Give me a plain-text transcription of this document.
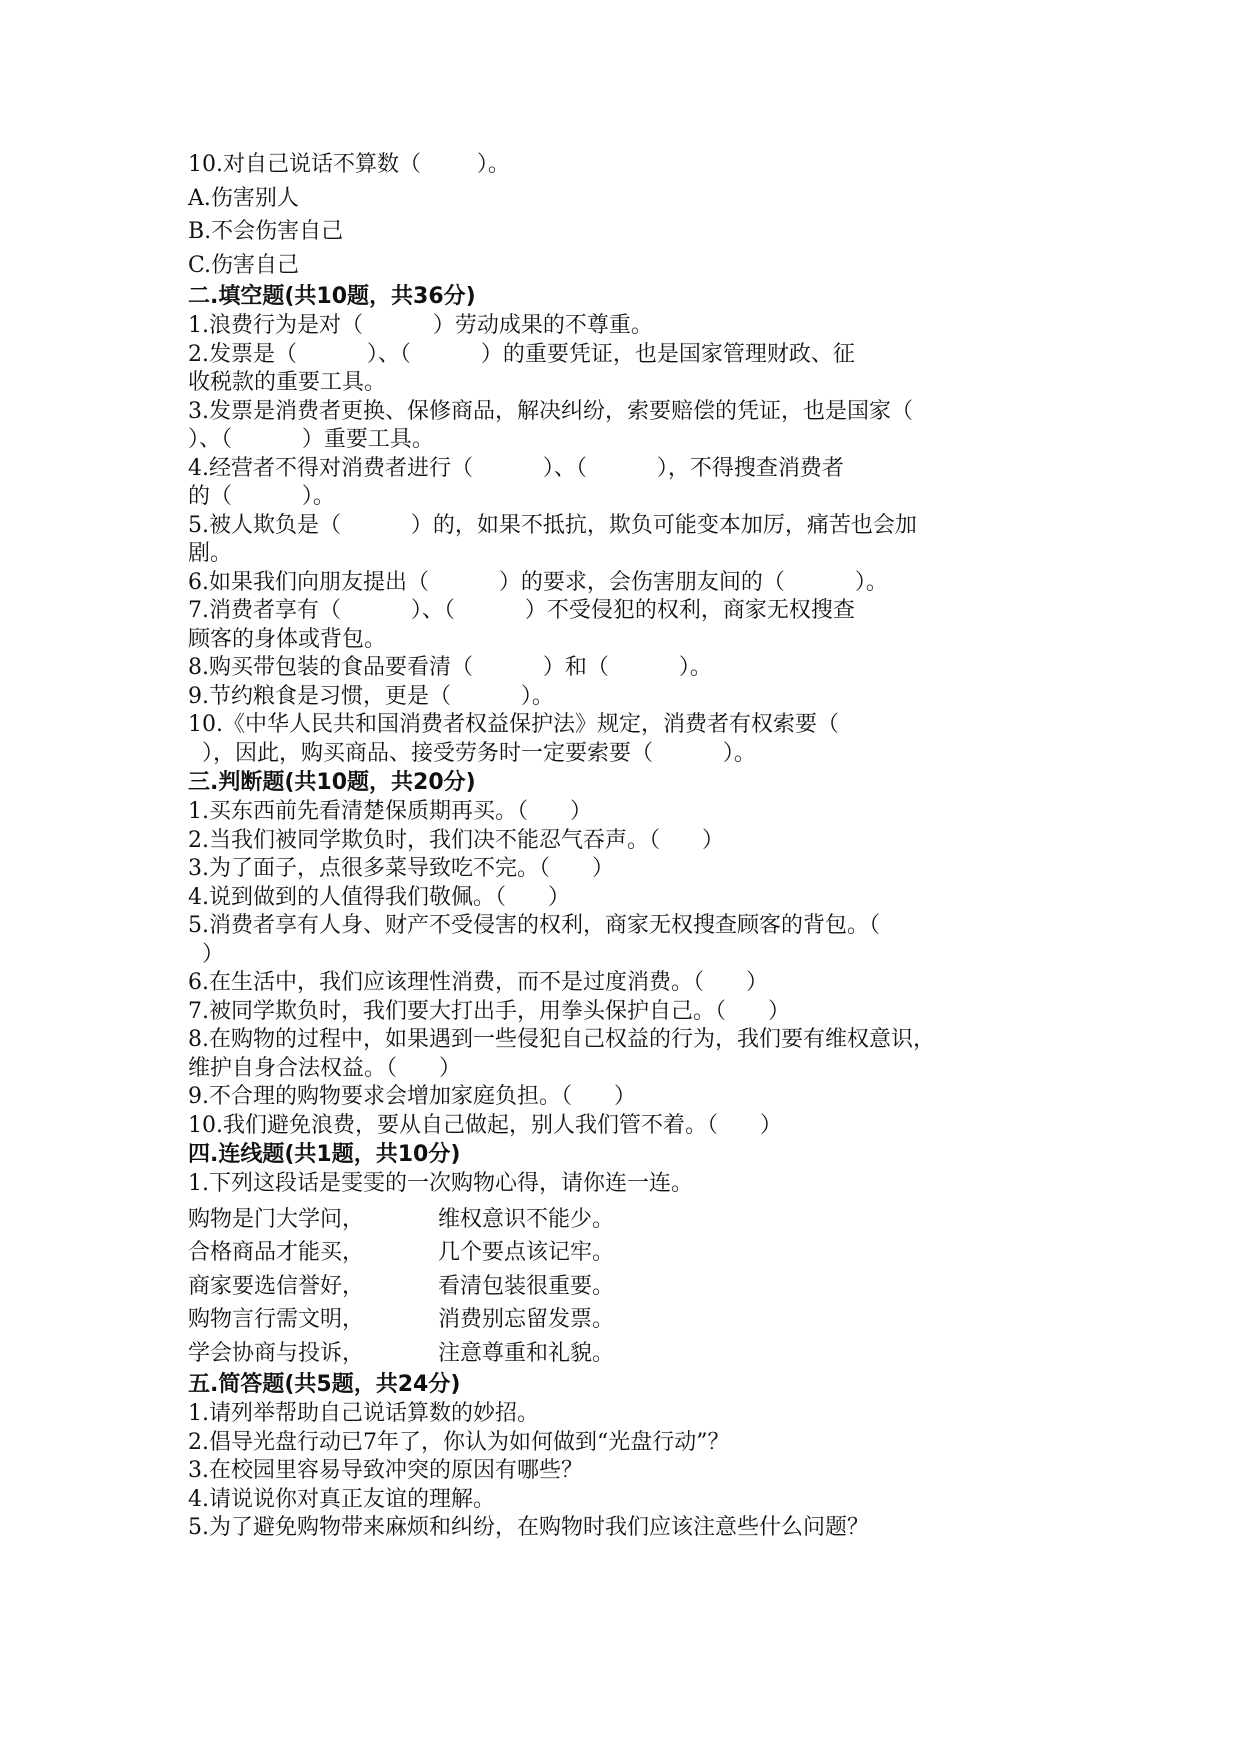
10.对自己说话不算数（        ）。
A.伤害别人
B.不会伤害自己
C.伤害自己
二.填空题(共10题，共36分)
1.浪费行为是对（          ）劳动成果的不尊重。
2.发票是（          ）、（          ）的重要凭证，也是国家管理财政、征
收税款的重要工具。
3.发票是消费者更换、保修商品，解决纠纷，索要赔偿的凭证，也是国家（
）、（          ）重要工具。
4.经营者不得对消费者进行（          ）、（          ），不得搜查消费者
的（          ）。
5.被人欺负是（          ）的，如果不抵抗，欺负可能变本加厉，痛苦也会加
剧。
6.如果我们向朋友提出（          ）的要求，会伤害朋友间的（          ）。
7.消费者享有（          ）、（          ）不受侵犯的权利，商家无权搜查
顾客的身体或背包。
8.购买带包装的食品要看清（          ）和（          ）。
9.节约粮食是习惯，更是（          ）。
10.《中华人民共和国消费者权益保护法》规定，消费者有权索要（
），因此，购买商品、接受劳务时一定要索要（          ）。
三.判断题(共10题，共20分)
1.买东西前先看清楚保质期再买。（      ）
2.当我们被同学欺负时，我们决不能忍气吞声。（      ）
3.为了面子，点很多菜导致吃不完。（      ）
4.说到做到的人值得我们敬佩。（      ）
5.消费者享有人身、财产不受侵害的权利，商家无权搜查顾客的背包。（
）
6.在生活中，我们应该理性消费，而不是过度消费。（      ）
7.被同学欺负时，我们要大打出手，用拳头保护自己。（      ）
8.在购物的过程中，如果遇到一些侵犯自己权益的行为，我们要有维权意识，
维护自身合法权益。（      ）
9.不合理的购物要求会增加家庭负担。（      ）
10.我们避免浪费，要从自己做起，别人我们管不着。（      ）
四.连线题(共1题，共10分)
1.下列这段话是雯雯的一次购物心得，请你连一连。
购物是门大学问，	维权意识不能少。
合格商品才能买，	几个要点该记牢。
商家要选信誉好，	看清包装很重要。
购物言行需文明，	消费别忘留发票。
学会协商与投诉，	注意尊重和礼貌。
五.简答题(共5题，共24分)
1.请列举帮助自己说话算数的妙招。
2.倡导光盘行动已7年了，你认为如何做到“光盘行动”？
3.在校园里容易导致冲突的原因有哪些？
4.请说说你对真正友谊的理解。
5.为了避免购物带来麻烦和纠纷，在购物时我们应该注意些什么问题？
